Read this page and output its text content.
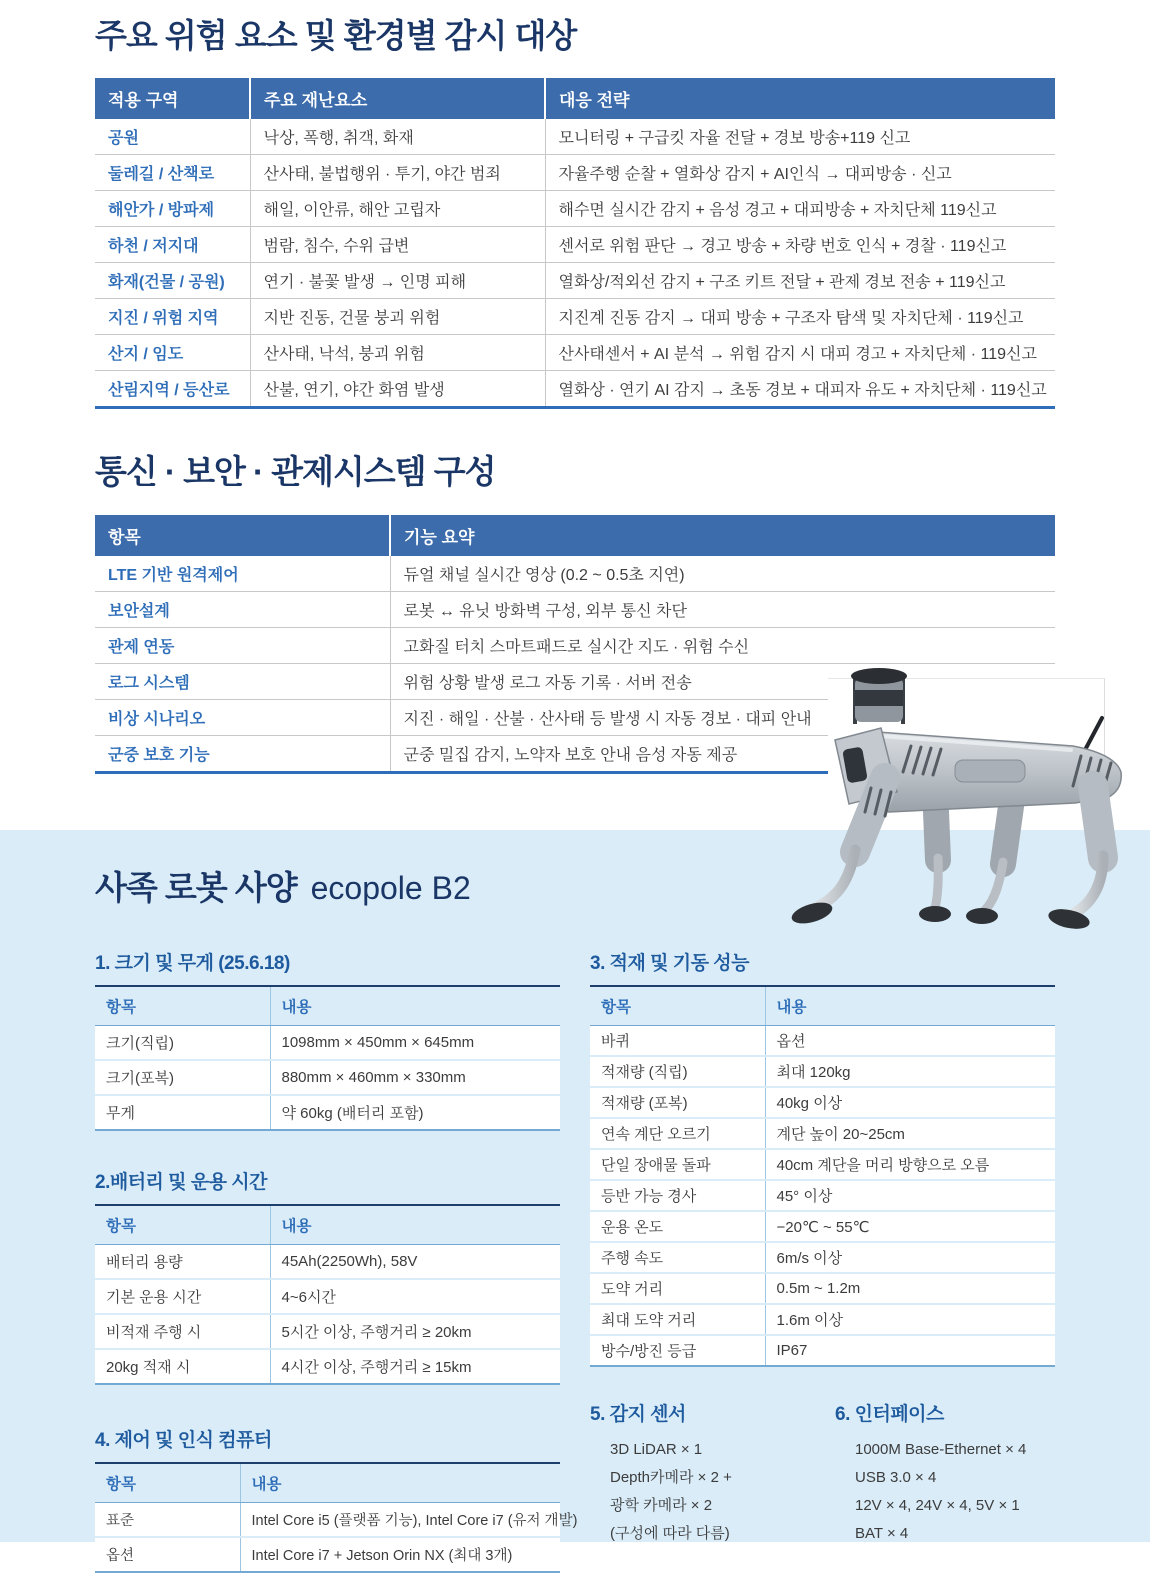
주요 위험 요소 및 환경별 감시 대상
적용 구역	주요 재난요소	대응 전략
공원	낙상, 폭행, 취객, 화재	모니터링 + 구급킷 자율 전달 + 경보 방송+119 신고
둘레길 / 산책로	산사태, 불법행위 · 투기, 야간 범죄	자율주행 순찰 + 열화상 감지 + AI인식 → 대피방송 · 신고
해안가 / 방파제	해일, 이안류, 해안 고립자	해수면 실시간 감지 + 음성 경고 + 대피방송 + 자치단체 119신고
하천 / 저지대	범람, 침수, 수위 급변	센서로 위험 판단 → 경고 방송 + 차량 번호 인식 + 경찰 · 119신고
화재(건물 / 공원)	연기 · 불꽃 발생 → 인명 피해	열화상/적외선 감지 + 구조 키트 전달 + 관제 경보 전송 + 119신고
지진 / 위험 지역	지반 진동, 건물 붕괴 위험	지진계 진동 감지 → 대피 방송 + 구조자 탐색 및 자치단체 · 119신고
산지 / 임도	산사태, 낙석, 붕괴 위험	산사태센서 + AI 분석 → 위험 감지 시 대피 경고 + 자치단체 · 119신고
산림지역 / 등산로	산불, 연기, 야간 화염 발생	열화상 · 연기 AI 감지 → 초동 경보 + 대피자 유도 + 자치단체 · 119신고
통신 · 보안 · 관제시스템 구성
항목	기능 요약
LTE 기반 원격제어	듀얼 채널 실시간 영상 (0.2 ~ 0.5초 지연)
보안설계	로봇 ↔ 유닛 방화벽 구성, 외부 통신 차단
관제 연동	고화질 터치 스마트패드로 실시간 지도 · 위험 수신
로그 시스템	위험 상황 발생 로그 자동 기록 · 서버 전송
비상 시나리오	지진 · 해일 · 산불 · 산사태 등 발생 시 자동 경보 · 대피 안내
군중 보호 기능	군중 밀집 감지, 노약자 보호 안내 음성 자동 제공
사족 로봇 사양 ecopole B2
1. 크기 및 무게 (25.6.18)
항목	내용
크기(직립)	1098mm × 450mm × 645mm
크기(포복)	880mm × 460mm × 330mm
무게	약 60kg (배터리 포함)
2.배터리 및 운용 시간
항목	내용
배터리 용량	45Ah(2250Wh), 58V
기본 운용 시간	4~6시간
비적재 주행 시	5시간 이상, 주행거리 ≥ 20km
20kg 적재 시	4시간 이상, 주행거리 ≥ 15km
4. 제어 및 인식 컴퓨터
항목	내용
표준	Intel Core i5 (플랫폼 기능), Intel Core i7 (유저 개발)
옵션	Intel Core i7 + Jetson Orin NX (최대 3개)
3. 적재 및 기동 성능
항목	내용
바퀴	옵션
적재량 (직립)	최대 120kg
적재량 (포복)	40kg 이상
연속 계단 오르기	계단 높이 20~25cm
단일 장애물 돌파	40cm 계단을 머리 방향으로 오름
등반 가능 경사	45° 이상
운용 온도	−20℃ ~ 55℃
주행 속도	6m/s 이상
도약 거리	0.5m ~ 1.2m
최대 도약 거리	1.6m 이상
방수/방진 등급	IP67
5. 감지 센서
3D LiDAR × 1
Depth카메라 × 2 +
광학 카메라 × 2
(구성에 따라 다름)
6. 인터페이스
1000M Base-Ethernet × 4
USB 3.0 × 4
12V × 4, 24V × 4, 5V × 1
BAT × 4
